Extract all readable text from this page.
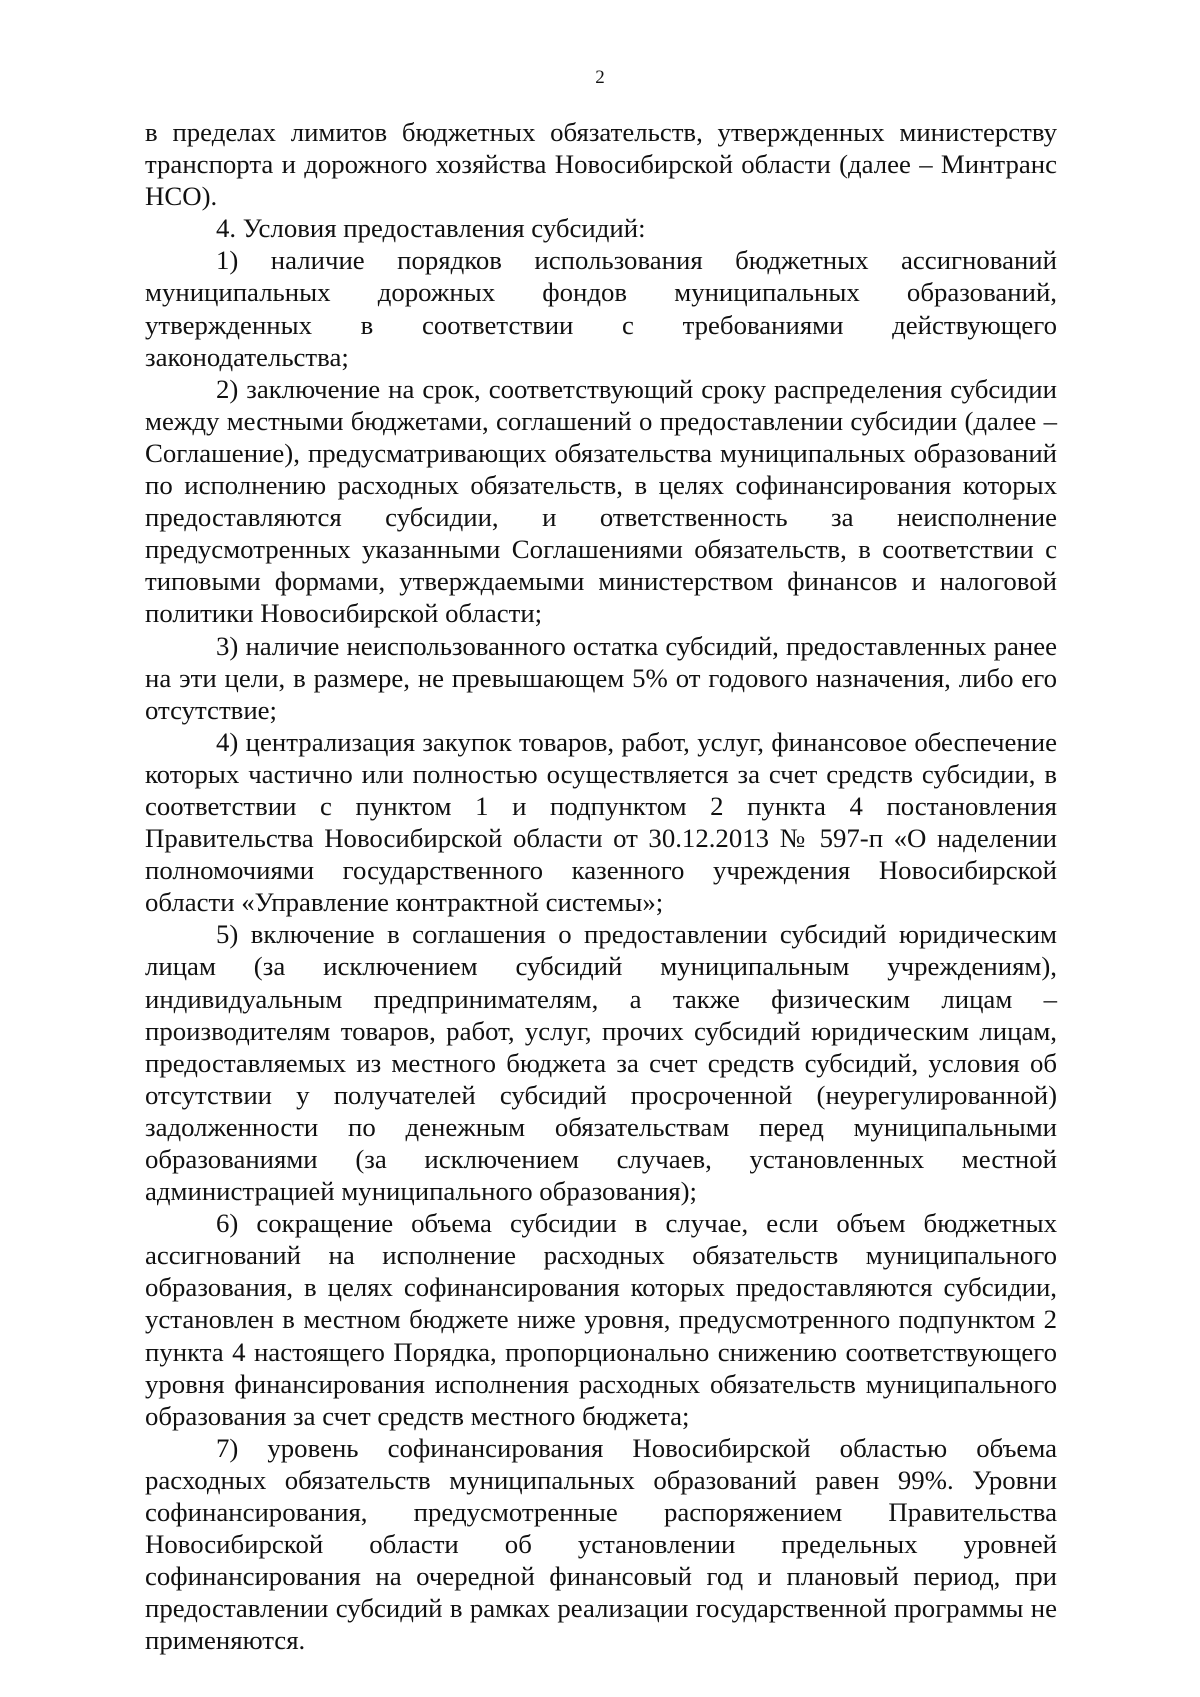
2

в пределах лимитов бюджетных обязательств, утвержденных министерству транспорта и дорожного хозяйства Новосибирской области (далее – Минтранс НСО).

4. Условия предоставления субсидий:

1) наличие порядков использования бюджетных ассигнований муниципальных дорожных фондов муниципальных образований, утвержденных в соответствии с требованиями действующего законодательства;

2) заключение на срок, соответствующий сроку распределения субсидии между местными бюджетами, соглашений о предоставлении субсидии (далее – Соглашение), предусматривающих обязательства муниципальных образований по исполнению расходных обязательств, в целях софинансирования которых предоставляются субсидии, и ответственность за неисполнение предусмотренных указанными Соглашениями обязательств, в соответствии с типовыми формами, утверждаемыми министерством финансов и налоговой политики Новосибирской области;

3) наличие неиспользованного остатка субсидий, предоставленных ранее на эти цели, в размере, не превышающем 5% от годового назначения, либо его отсутствие;

4) централизация закупок товаров, работ, услуг, финансовое обеспечение которых частично или полностью осуществляется за счет средств субсидии, в соответствии с пунктом 1 и подпунктом 2 пункта 4 постановления Правительства Новосибирской области от 30.12.2013 № 597-п «О наделении полномочиями государственного казенного учреждения Новосибирской области «Управление контрактной системы»;

5) включение в соглашения о предоставлении субсидий юридическим лицам (за исключением субсидий муниципальным учреждениям), индивидуальным предпринимателям, а также физическим лицам – производителям товаров, работ, услуг, прочих субсидий юридическим лицам, предоставляемых из местного бюджета за счет средств субсидий, условия об отсутствии у получателей субсидий просроченной (неурегулированной) задолженности по денежным обязательствам перед муниципальными образованиями (за исключением случаев, установленных местной администрацией муниципального образования);

6) сокращение объема субсидии в случае, если объем бюджетных ассигнований на исполнение расходных обязательств муниципального образования, в целях софинансирования которых предоставляются субсидии, установлен в местном бюджете ниже уровня, предусмотренного подпунктом 2 пункта 4 настоящего Порядка, пропорционально снижению соответствующего уровня финансирования исполнения расходных обязательств муниципального образования за счет средств местного бюджета;

7) уровень софинансирования Новосибирской областью объема расходных обязательств муниципальных образований равен 99%. Уровни софинансирования, предусмотренные распоряжением Правительства Новосибирской области об установлении предельных уровней софинансирования на очередной финансовый год и плановый период, при предоставлении субсидий в рамках реализации государственной программы не применяются.
